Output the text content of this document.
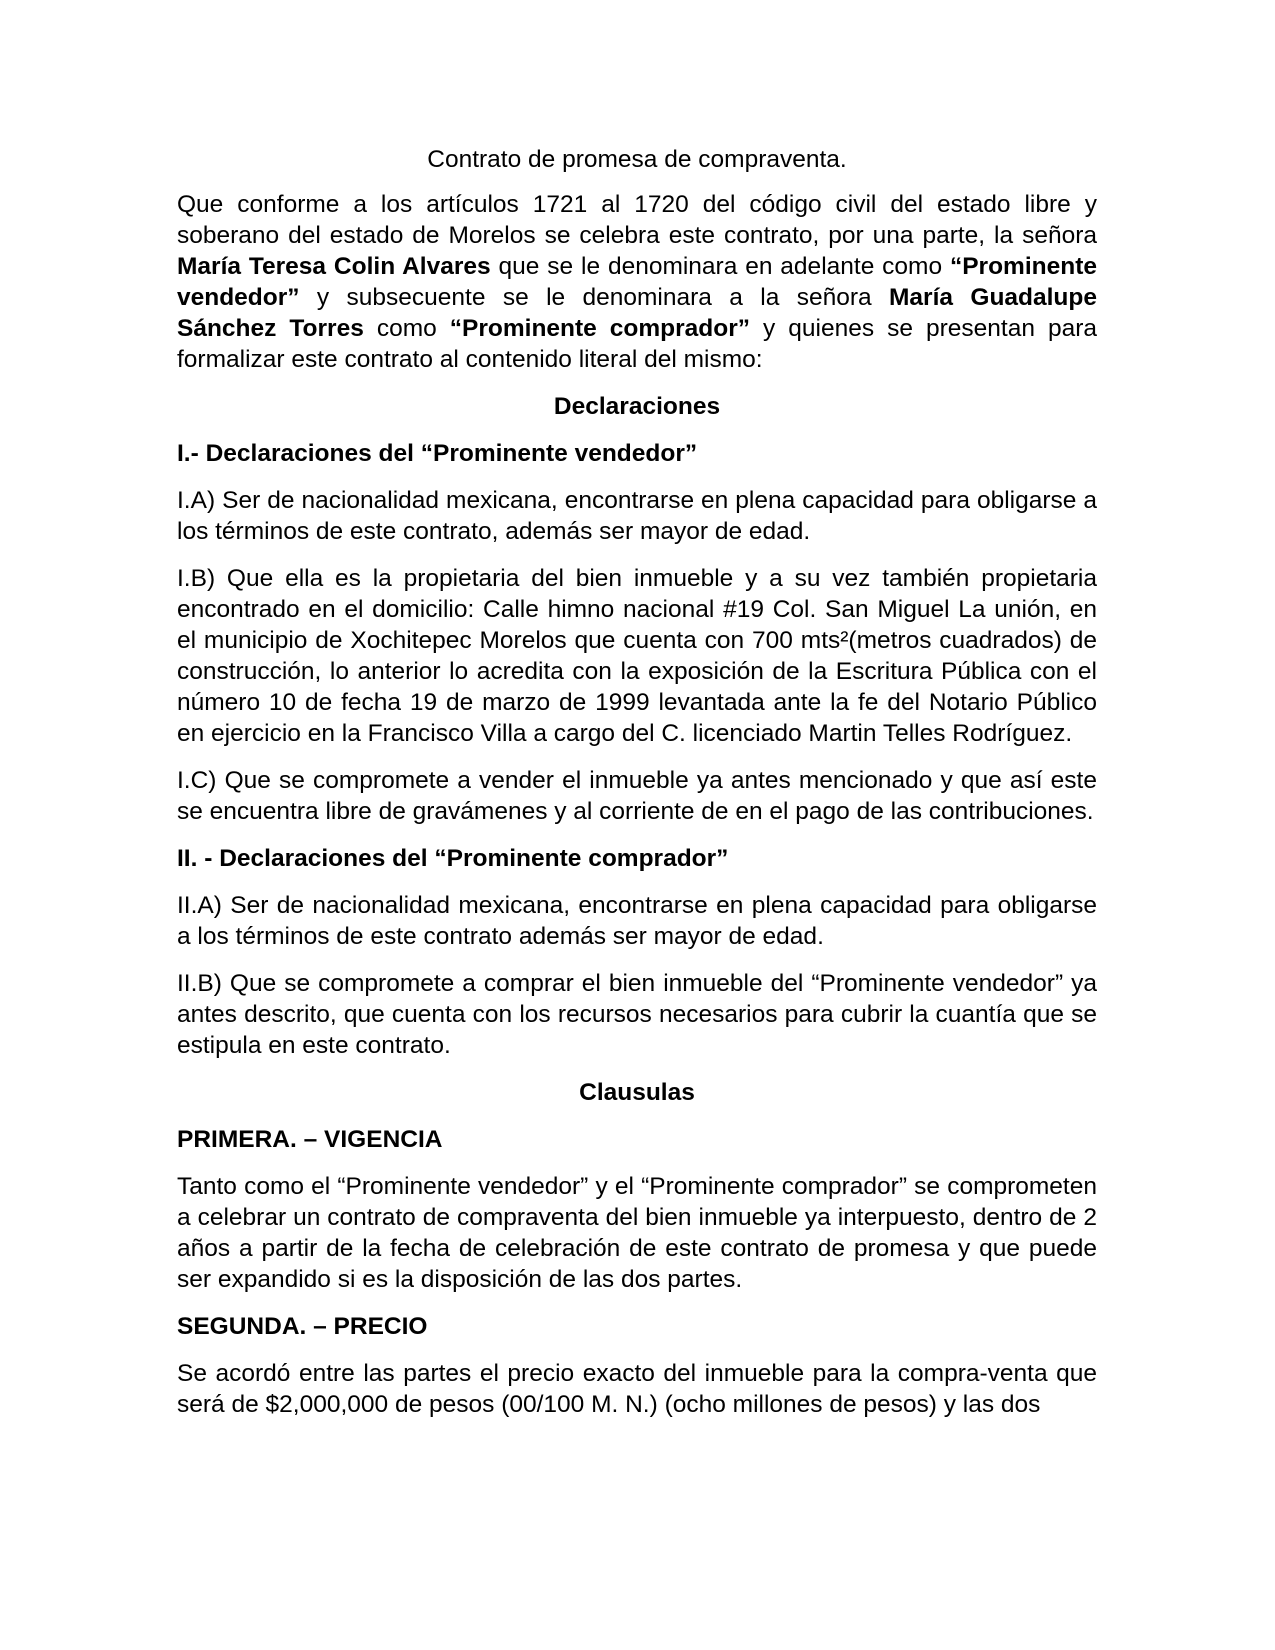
Contrato de promesa de compraventa.

Que conforme a los artículos 1721 al 1720 del código civil del estado libre y soberano del estado de Morelos se celebra este contrato, por una parte, la señora María Teresa Colin Alvares que se le denominara en adelante como “Prominente vendedor” y subsecuente se le denominara a la señora María Guadalupe Sánchez Torres como “Prominente comprador” y quienes se presentan para formalizar este contrato al contenido literal del mismo:

Declaraciones

I.- Declaraciones del “Prominente vendedor”

I.A) Ser de nacionalidad mexicana, encontrarse en plena capacidad para obligarse a los términos de este contrato, además ser mayor de edad.

I.B) Que ella es la propietaria del bien inmueble y a su vez también propietaria encontrado en el domicilio: Calle himno nacional #19 Col. San Miguel La unión, en el municipio de Xochitepec Morelos que cuenta con 700 mts²(metros cuadrados) de construcción, lo anterior lo acredita con la exposición de la Escritura Pública con el número 10 de fecha 19 de marzo de 1999 levantada ante la fe del Notario Público en ejercicio en la Francisco Villa a cargo del C. licenciado Martin Telles Rodríguez.

I.C) Que se compromete a vender el inmueble ya antes mencionado y que así este se encuentra libre de gravámenes y al corriente de en el pago de las contribuciones.

II. - Declaraciones del “Prominente comprador”

II.A) Ser de nacionalidad mexicana, encontrarse en plena capacidad para obligarse a los términos de este contrato además ser mayor de edad.

II.B) Que se compromete a comprar el bien inmueble del “Prominente vendedor” ya antes descrito, que cuenta con los recursos necesarios para cubrir la cuantía que se estipula en este contrato.

Clausulas

PRIMERA. – VIGENCIA

Tanto como el “Prominente vendedor” y el “Prominente comprador” se comprometen a celebrar un contrato de compraventa del bien inmueble ya interpuesto, dentro de 2 años a partir de la fecha de celebración de este contrato de promesa y que puede ser expandido si es la disposición de las dos partes.

SEGUNDA. – PRECIO

Se acordó entre las partes el precio exacto del inmueble para la compra-venta que será de $2,000,000 de pesos (00/100 M. N.) (ocho millones de pesos) y las dos
